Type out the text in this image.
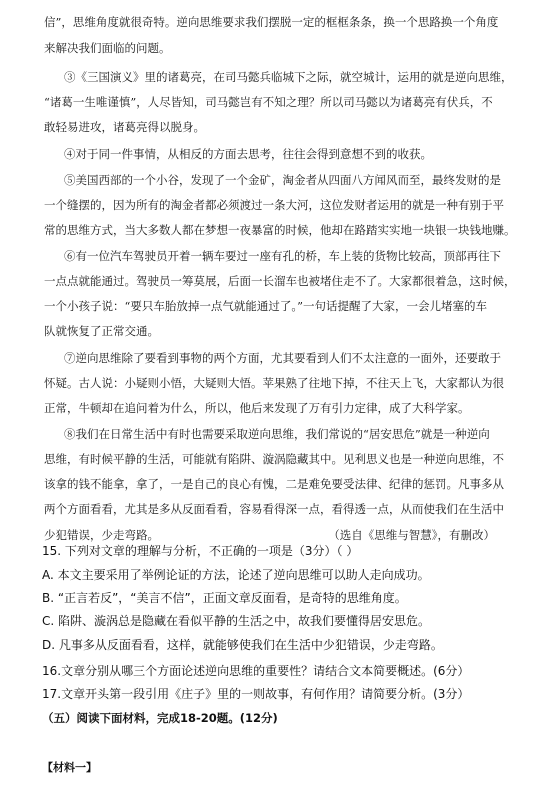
信”，思维角度就很奇特。逆向思维要求我们摆脱一定的框框条条，换一个思路换一个角度
来解决我们面临的问题。
③《三国演义》里的诸葛亮，在司马懿兵临城下之际，就空城计，运用的就是逆向思维，
“诸葛一生唯谨慎”，人尽皆知，司马懿岂有不知之理？所以司马懿以为诸葛亮有伏兵，不
敢轻易进攻，诸葛亮得以脱身。
④对于同一件事情，从相反的方面去思考，往往会得到意想不到的收获。
⑤美国西部的一个小谷，发现了一个金矿，淘金者从四面八方闻风而至，最终发财的是
一个缝摆的，因为所有的淘金者都必须渡过一条大河，这位发财者运用的就是一种有别于平
常的思维方式，当大多数人都在梦想一夜暴富的时候，他却在路踏实实地一块银一块钱地赚。
⑥有一位汽车驾驶员开着一辆车要过一座有孔的桥，车上装的货物比较高，顶部再往下
一点点就能通过。驾驶员一筹莫展，后面一长溜车也被堵住走不了。大家都很着急，这时候，
一个小孩子说：“要只车胎放掉一点气就能通过了。”一句话提醒了大家，一会儿堵塞的车
队就恢复了正常交通。
⑦逆向思维除了要看到事物的两个方面，尤其要看到人们不太注意的一面外，还要敢于
怀疑。古人说：小疑则小悟，大疑则大悟。苹果熟了往地下掉，不往天上飞，大家都认为很
正常，牛顿却在追问着为什么，所以，他后来发现了万有引力定律，成了大科学家。
⑧我们在日常生活中有时也需要采取逆向思维，我们常说的“居安思危”就是一种逆向
思维，有时候平静的生活，可能就有陷阱、漩涡隐藏其中。见利思义也是一种逆向思维，不
该拿的钱不能拿，拿了，一是自己的良心有愧，二是难免要受法律、纪律的惩罚。凡事多从
两个方面看看，尤其是多从反面看看，容易看得深一点，看得透一点，从而使我们在生活中
少犯错误，少走弯路。	（选自《思维与智慧》，有删改）
15. 下列对文章的理解与分析，不正确的一项是（3分）（ ）
A. 本文主要采用了举例论证的方法，论述了逆向思维可以助人走向成功。
B. “正言若反”，“美言不信”，正面文章反面看，是奇特的思维角度。
C. 陷阱、漩涡总是隐藏在看似平静的生活之中，故我们要懂得居安思危。
D. 凡事多从反面看看，这样，就能够使我们在生活中少犯错误，少走弯路。
16.文章分别从哪三个方面论述逆向思维的重要性？请结合文本简要概述。(6分）
17.文章开头第一段引用《庄子》里的一则故事，有何作用？请简要分析。(3分）
（五）阅读下面材料，完成18-20题。(12分)
【材料一】
